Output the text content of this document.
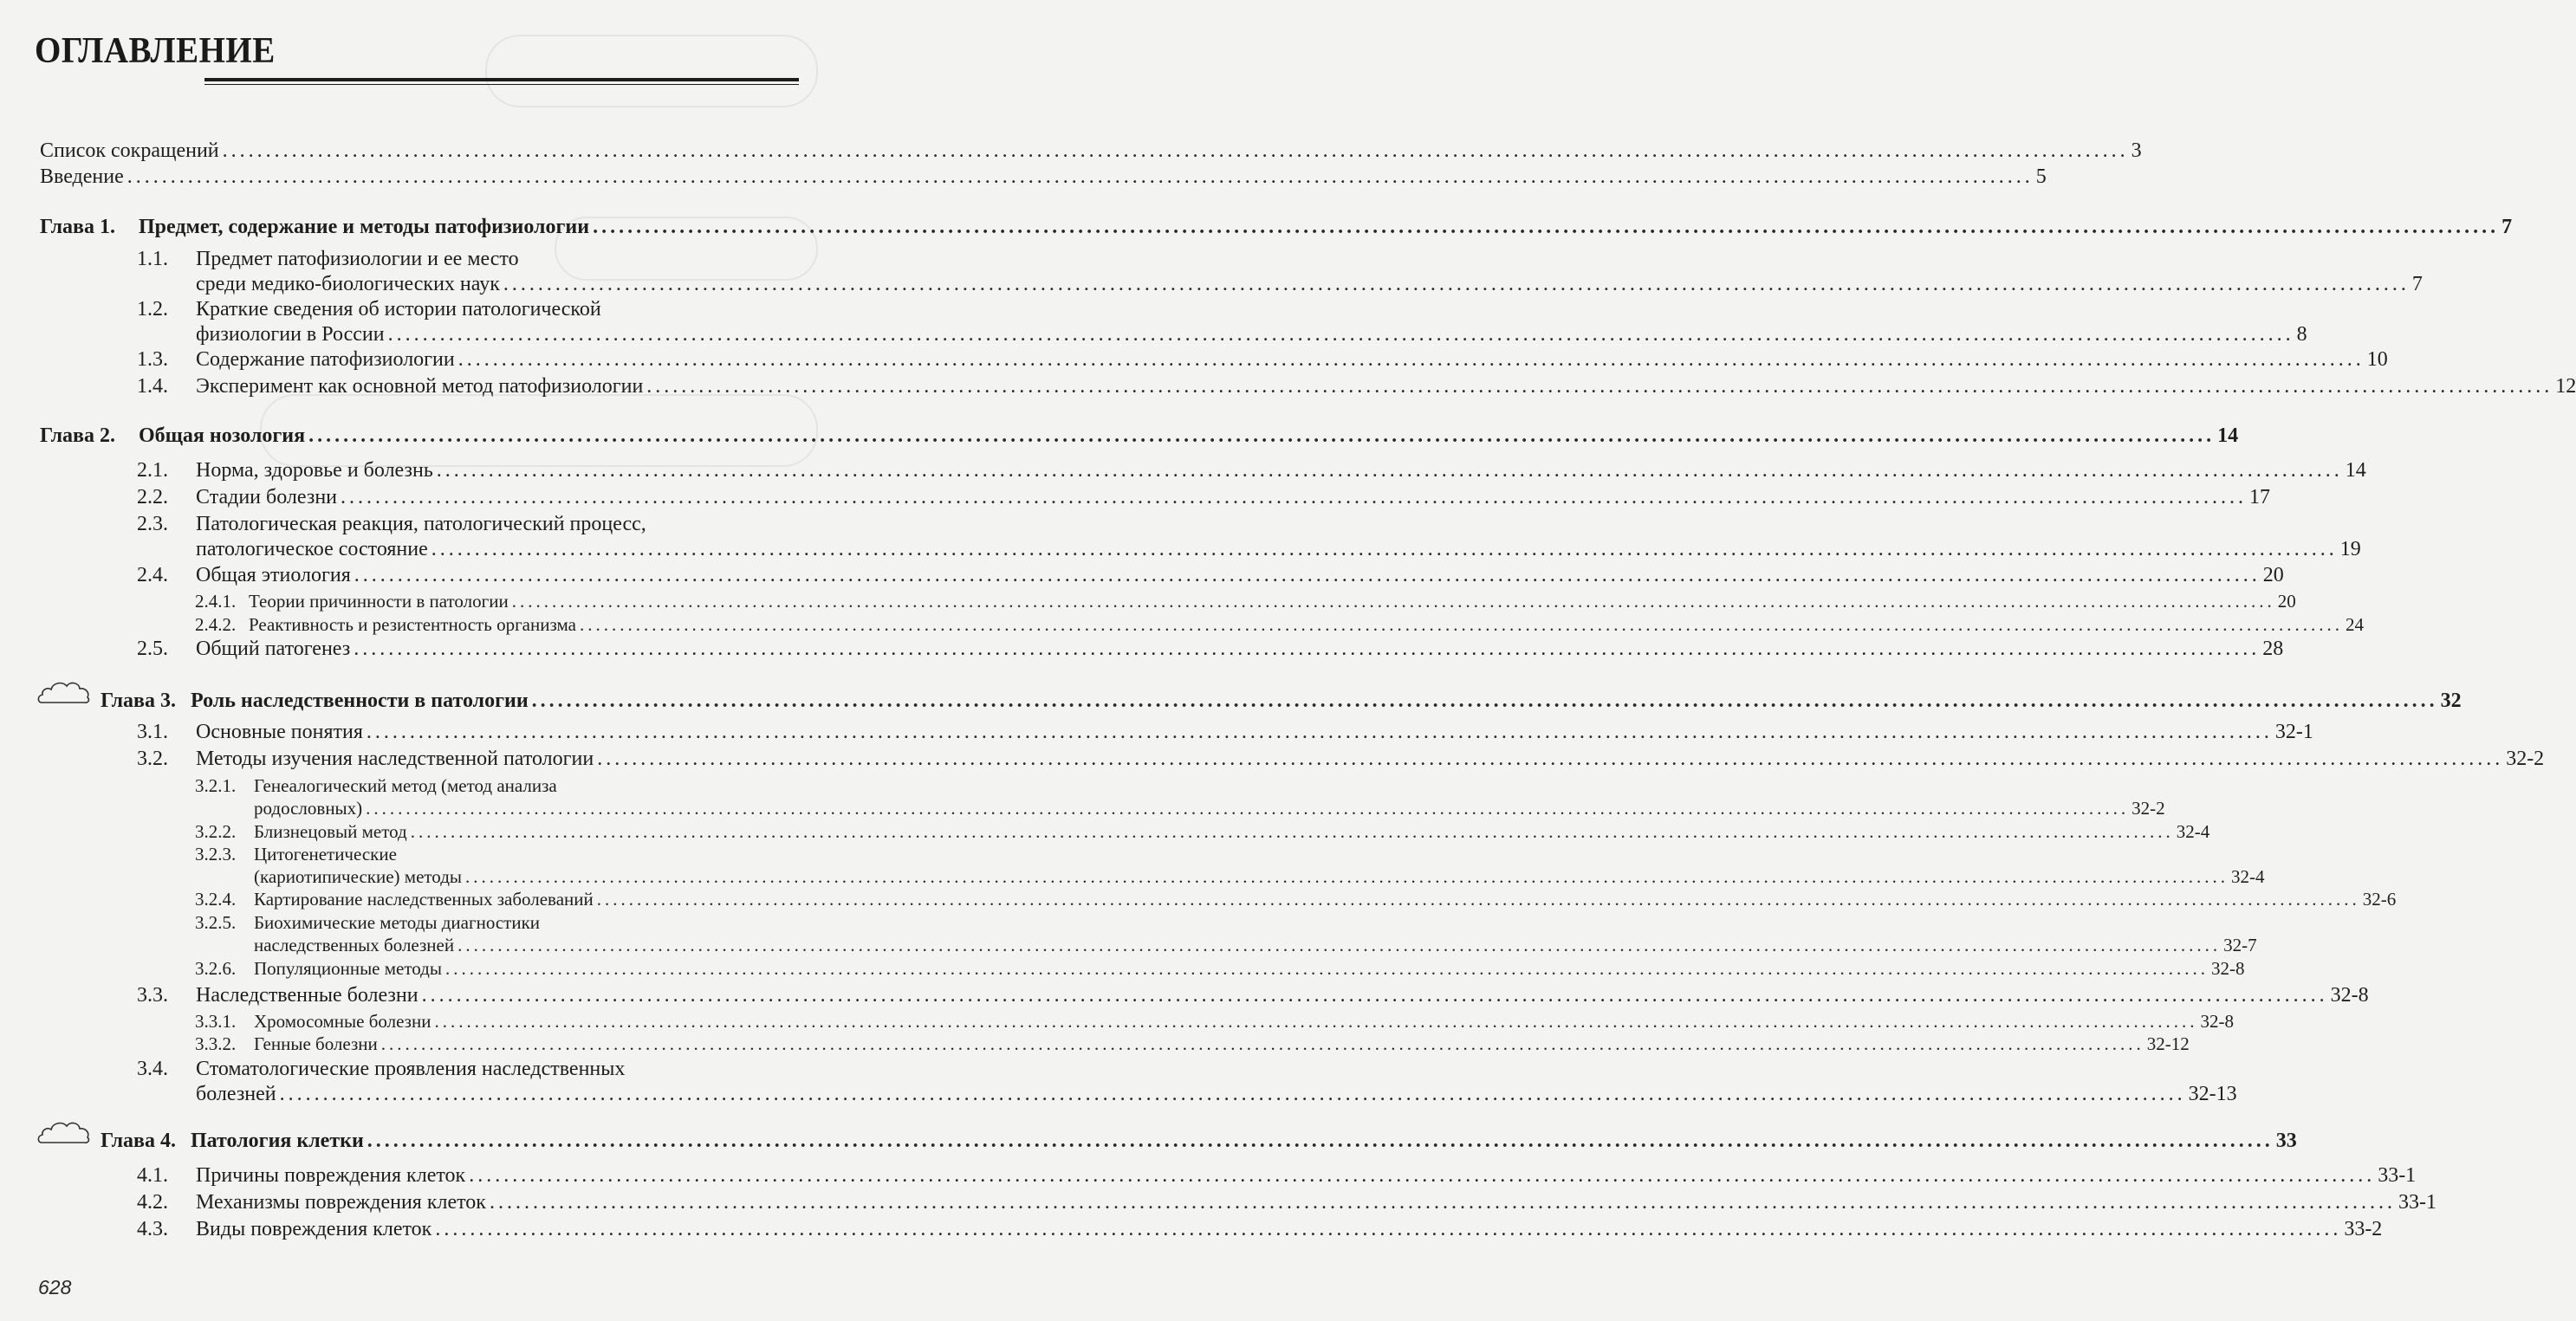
ОГЛАВЛЕНИЕ
Список сокращений ............................................................................................................................................................................................................................ 3
Введение ............................................................................................................................................................................................................................ 5
Глава 1. Предмет, содержание и методы патофизиологии ............................................................................................................................................................................................................................ 7
1.1. Предмет патофизиологии и ее место
среди медико-биологических наук ............................................................................................................................................................................................................................ 7
1.2. Краткие сведения об истории патологической
физиологии в России ............................................................................................................................................................................................................................ 8
1.3. Содержание патофизиологии ............................................................................................................................................................................................................................ 10
1.4. Эксперимент как основной метод патофизиологии ............................................................................................................................................................................................................................ 12
Глава 2. Общая нозология ............................................................................................................................................................................................................................ 14
2.1. Норма, здоровье и болезнь ............................................................................................................................................................................................................................ 14
2.2. Стадии болезни ............................................................................................................................................................................................................................ 17
2.3. Патологическая реакция, патологический процесс,
патологическое состояние ............................................................................................................................................................................................................................ 19
2.4. Общая этиология ............................................................................................................................................................................................................................ 20
2.4.1. Теории причинности в патологии ............................................................................................................................................................................................................................ 20
2.4.2. Реактивность и резистентность организма ............................................................................................................................................................................................................................ 24
2.5. Общий патогенез ............................................................................................................................................................................................................................ 28
Глава 3. Роль наследственности в патологии ............................................................................................................................................................................................................................ 32
3.1. Основные понятия ............................................................................................................................................................................................................................ 32-1
3.2. Методы изучения наследственной патологии ............................................................................................................................................................................................................................ 32-2
3.2.1. Генеалогический метод (метод анализа
родословных) ............................................................................................................................................................................................................................ 32-2
3.2.2. Близнецовый метод ............................................................................................................................................................................................................................ 32-4
3.2.3. Цитогенетические
(кариотипические) методы ............................................................................................................................................................................................................................ 32-4
3.2.4. Картирование наследственных заболеваний ............................................................................................................................................................................................................................ 32-6
3.2.5. Биохимические методы диагностики
наследственных болезней ............................................................................................................................................................................................................................ 32-7
3.2.6. Популяционные методы ............................................................................................................................................................................................................................ 32-8
3.3. Наследственные болезни ............................................................................................................................................................................................................................ 32-8
3.3.1. Хромосомные болезни ............................................................................................................................................................................................................................ 32-8
3.3.2. Генные болезни ............................................................................................................................................................................................................................ 32-12
3.4. Стоматологические проявления наследственных
болезней ............................................................................................................................................................................................................................ 32-13
Глава 4. Патология клетки ............................................................................................................................................................................................................................ 33
4.1. Причины повреждения клеток ............................................................................................................................................................................................................................ 33-1
4.2. Механизмы повреждения клеток ............................................................................................................................................................................................................................ 33-1
4.3. Виды повреждения клеток ............................................................................................................................................................................................................................ 33-2
628
